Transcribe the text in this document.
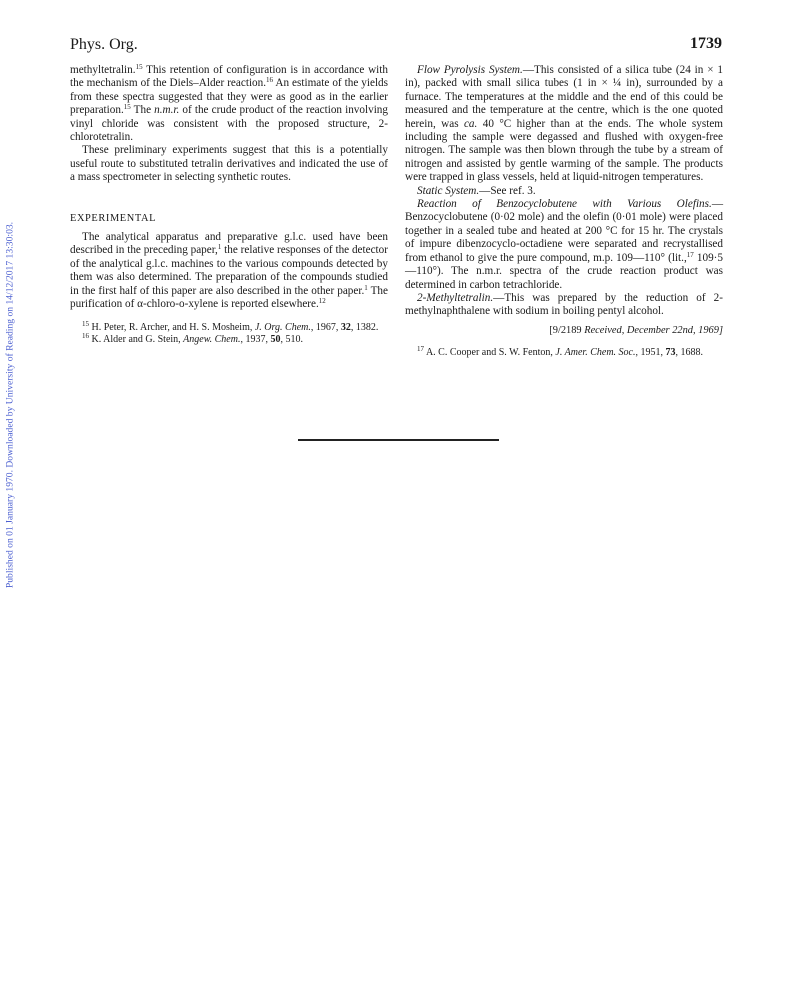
Published on 01 January 1970. Downloaded by University of Reading on 14/12/2017 13:30:03.
Phys. Org.	1739

methyltetralin.$^{15}$ This retention of configuration is in accordance with the mechanism of the Diels–Alder reaction.$^{16}$ An estimate of the yields from these spectra suggested that they were as good as in the earlier preparation.$^{15}$ The n.m.r. of the crude product of the reaction involving vinyl chloride was consistent with the proposed structure, 2-chlorotetralin.

These preliminary experiments suggest that this is a potentially useful route to substituted tetralin derivatives and indicated the use of a mass spectrometer in selecting synthetic routes.

EXPERIMENTAL

The analytical apparatus and preparative g.l.c. used have been described in the preceding paper,$^1$ the relative responses of the detector of the analytical g.l.c. machines to the various compounds detected by them was also determined. The preparation of the compounds studied in the first half of this paper are also described in the other paper.$^1$ The purification of α-chloro-o-xylene is reported elsewhere.$^{12}$

$^{15}$ H. Peter, R. Archer, and H. S. Mosheim, J. Org. Chem., 1967, 32, 1382.

$^{16}$ K. Alder and G. Stein, Angew. Chem., 1937, 50, 510.

Flow Pyrolysis System.—This consisted of a silica tube (24 in × 1 in), packed with small silica tubes (1 in × ¼ in), surrounded by a furnace. The temperatures at the middle and the end of this could be measured and the temperature at the centre, which is the one quoted herein, was ca. 40 °C higher than at the ends. The whole system including the sample were degassed and flushed with oxygen-free nitrogen. The sample was then blown through the tube by a stream of nitrogen and assisted by gentle warming of the sample. The products were trapped in glass vessels, held at liquid-nitrogen temperatures.

Static System.—See ref. 3.

Reaction of Benzocyclobutene with Various Olefins.—Benzocyclobutene (0·02 mole) and the olefin (0·01 mole) were placed together in a sealed tube and heated at 200 °C for 15 hr. The crystals of impure dibenzocyclo-octadiene were separated and recrystallised from ethanol to give the pure compound, m.p. 109—110° (lit.,$^{17}$ 109·5—110°). The n.m.r. spectra of the crude reaction product was determined in carbon tetrachloride.

2-Methyltetralin.—This was prepared by the reduction of 2-methylnaphthalene with sodium in boiling pentyl alcohol.

[9/2189 Received, December 22nd, 1969]

$^{17}$ A. C. Cooper and S. W. Fenton, J. Amer. Chem. Soc., 1951, 73, 1688.
